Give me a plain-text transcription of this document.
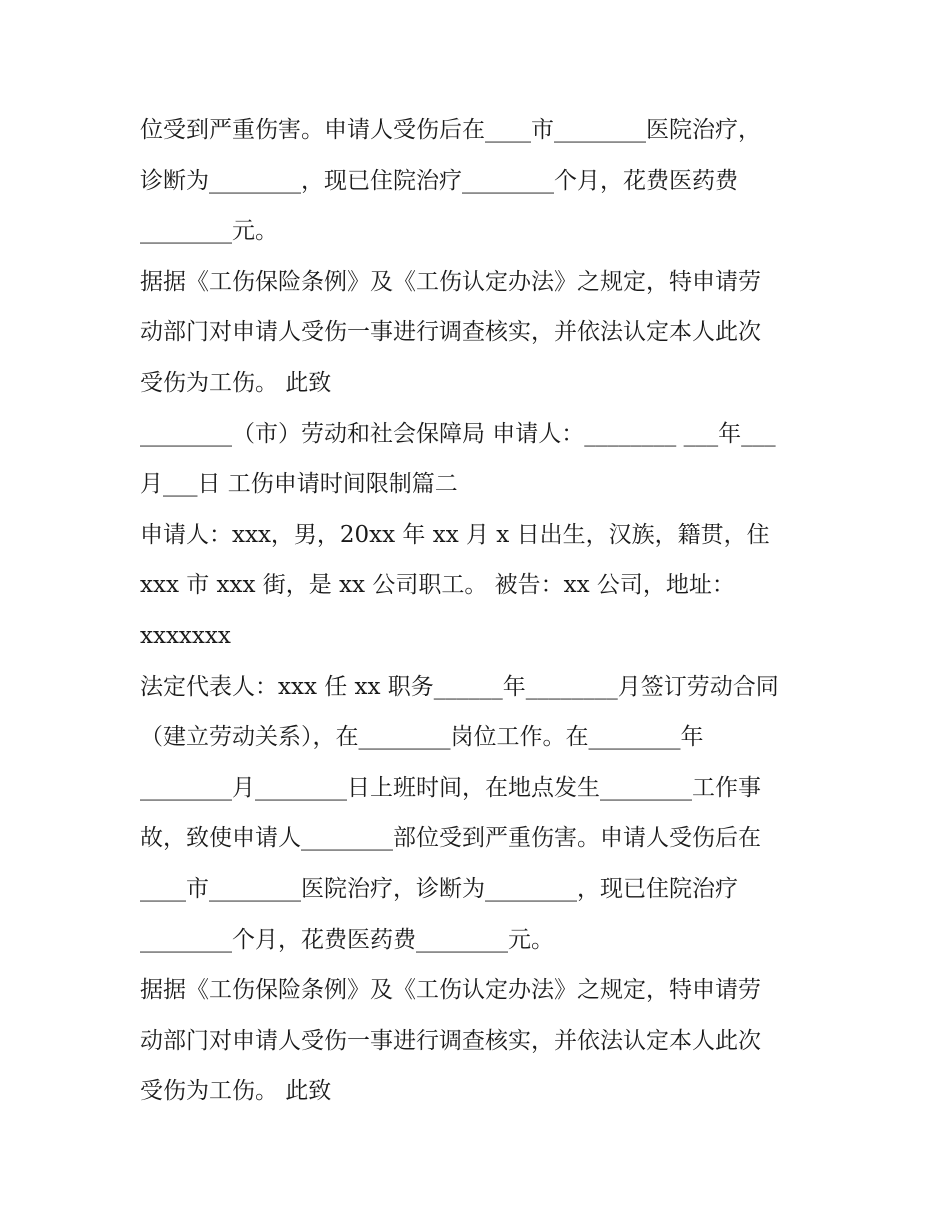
位受到严重伤害。申请人受伤后在____市________医院治疗，
诊断为________，现已住院治疗________个月，花费医药费
________元。
据据《工伤保险条例》及《工伤认定办法》之规定，特申请劳
动部门对申请人受伤一事进行调查核实，并依法认定本人此次
受伤为工伤。 此致
________（市）劳动和社会保障局 申请人：________ ___年___
月___日 工伤申请时间限制篇二
申请人：xxx，男，20xx 年 xx 月 x 日出生，汉族，籍贯，住
xxx 市 xxx 街，是 xx 公司职工。 被告：xx 公司，地址：
xxxxxxx
法定代表人：xxx 任 xx 职务______年________月签订劳动合同
（建立劳动关系），在________岗位工作。在________年
________月________日上班时间，在地点发生________工作事
故，致使申请人________部位受到严重伤害。申请人受伤后在
____市________医院治疗，诊断为________，现已住院治疗
________个月，花费医药费________元。
据据《工伤保险条例》及《工伤认定办法》之规定，特申请劳
动部门对申请人受伤一事进行调查核实，并依法认定本人此次
受伤为工伤。 此致
